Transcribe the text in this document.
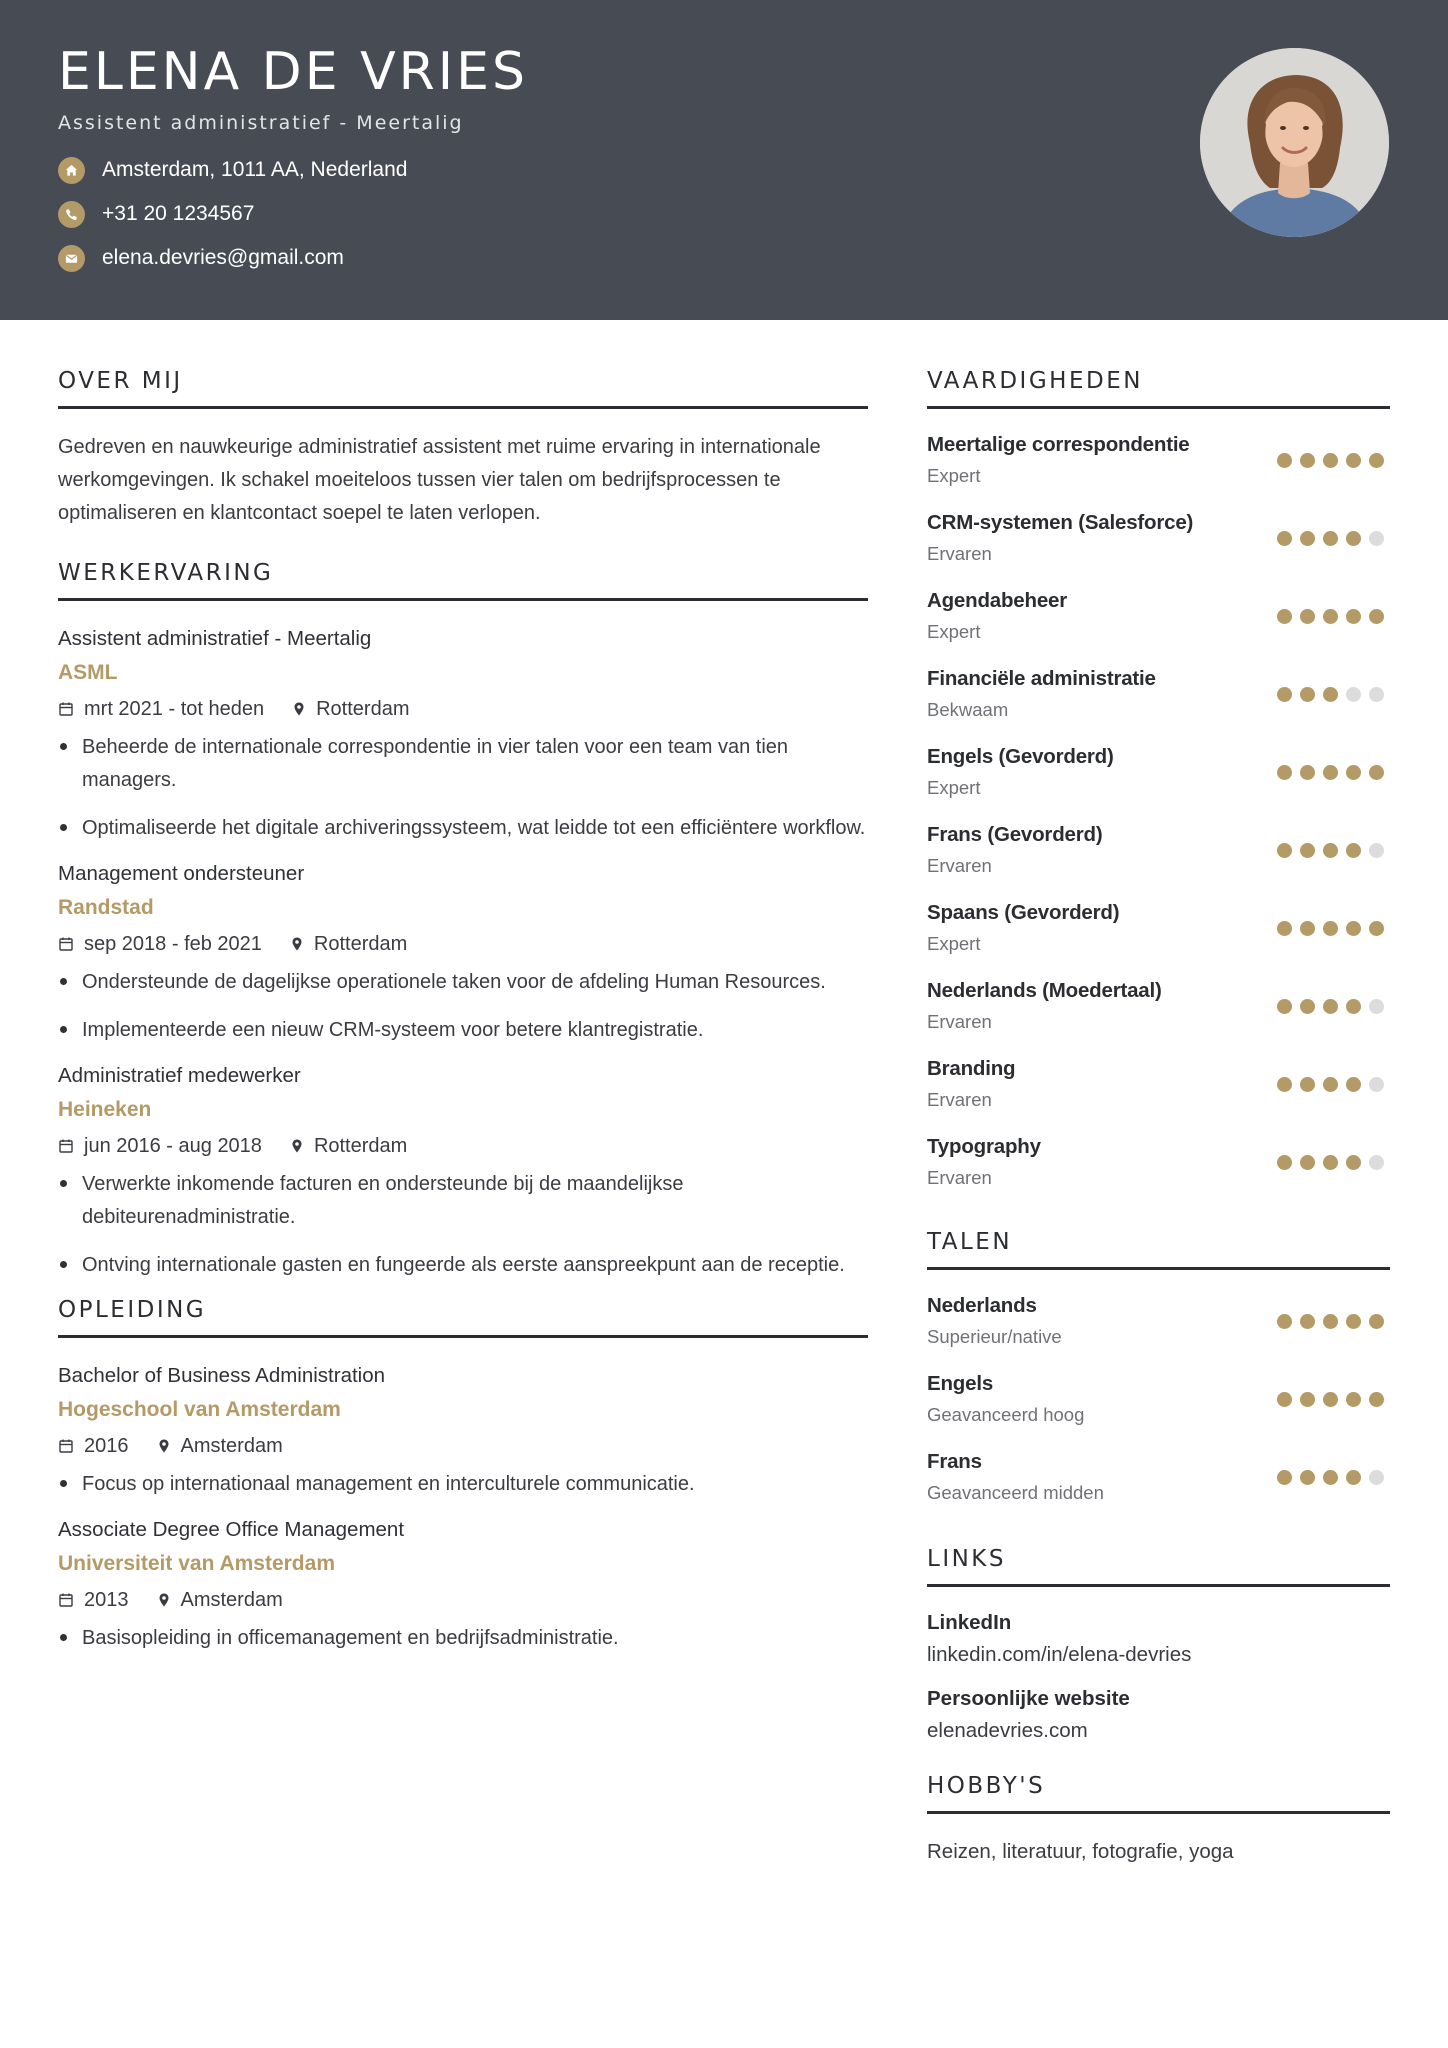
ELENA DE VRIES
Assistent administratief - Meertalig
Amsterdam, 1011 AA, Nederland
+31 20 1234567
elena.devries@gmail.com
OVER MIJ
Gedreven en nauwkeurige administratief assistent met ruime ervaring in internationale werkomgevingen. Ik schakel moeiteloos tussen vier talen om bedrijfsprocessen te optimaliseren en klantcontact soepel te laten verlopen.
WERKERVARING
Assistent administratief - Meertalig
ASML
mrt 2021 - tot heden	Rotterdam
Beheerde de internationale correspondentie in vier talen voor een team van tien managers.
Optimaliseerde het digitale archiveringssysteem, wat leidde tot een efficiëntere workflow.
Management ondersteuner
Randstad
sep 2018 - feb 2021	Rotterdam
Ondersteunde de dagelijkse operationele taken voor de afdeling Human Resources.
Implementeerde een nieuw CRM-systeem voor betere klantregistratie.
Administratief medewerker
Heineken
jun 2016 - aug 2018	Rotterdam
Verwerkte inkomende facturen en ondersteunde bij de maandelijkse debiteurenadministratie.
Ontving internationale gasten en fungeerde als eerste aanspreekpunt aan de receptie.
OPLEIDING
Bachelor of Business Administration
Hogeschool van Amsterdam
2016	Amsterdam
Focus op internationaal management en interculturele communicatie.
Associate Degree Office Management
Universiteit van Amsterdam
2013	Amsterdam
Basisopleiding in officemanagement en bedrijfsadministratie.
VAARDIGHEDEN
Meertalige correspondentie
Expert
CRM-systemen (Salesforce)
Ervaren
Agendabeheer
Expert
Financiële administratie
Bekwaam
Engels (Gevorderd)
Expert
Frans (Gevorderd)
Ervaren
Spaans (Gevorderd)
Expert
Nederlands (Moedertaal)
Ervaren
Branding
Ervaren
Typography
Ervaren
TALEN
Nederlands
Superieur/native
Engels
Geavanceerd hoog
Frans
Geavanceerd midden
LINKS
LinkedIn
linkedin.com/in/elena-devries
Persoonlijke website
elenadevries.com
HOBBY'S
Reizen, literatuur, fotografie, yoga
